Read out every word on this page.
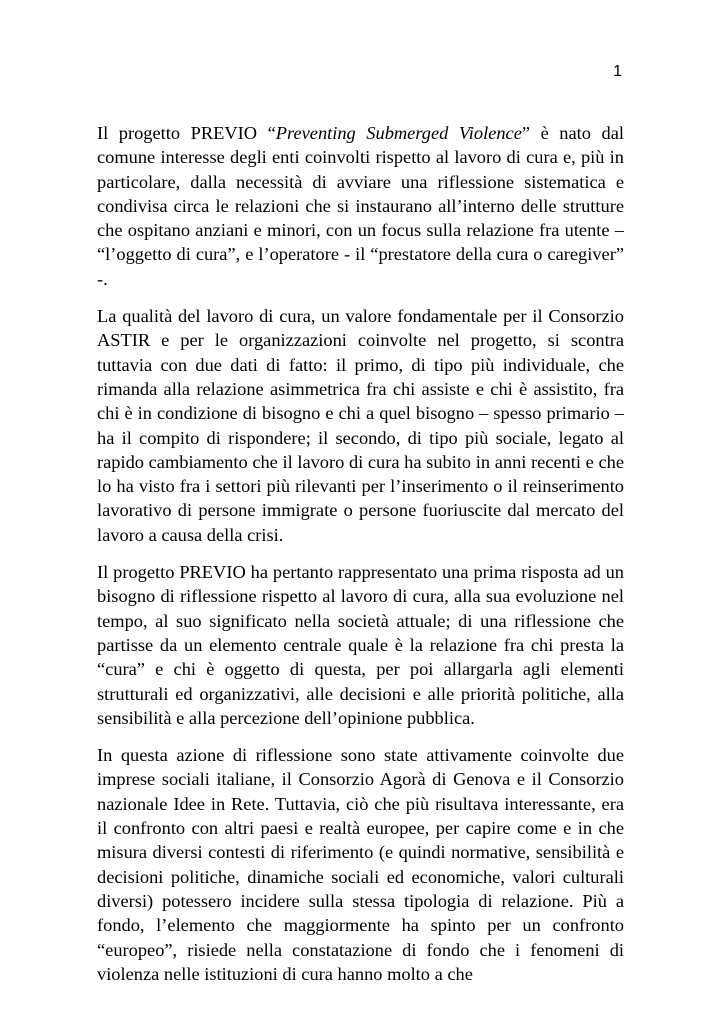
1

Il progetto PREVIO “Preventing Submerged Violence” è nato dal comune interesse degli enti coinvolti rispetto al lavoro di cura e, più in particolare, dalla necessità di avviare una riflessione sistematica e condivisa circa le relazioni che si instaurano all’interno delle strutture che ospitano anziani e minori, con un focus sulla relazione fra utente – “l’oggetto di cura”, e l’operatore - il “prestatore della cura o caregiver” -.

La qualità del lavoro di cura, un valore fondamentale per il Consorzio ASTIR e per le organizzazioni coinvolte nel progetto, si scontra tuttavia con due dati di fatto: il primo, di tipo più individuale, che rimanda alla relazione asimmetrica fra chi assiste e chi è assistito, fra chi è in condizione di bisogno e chi a quel bisogno – spesso primario – ha il compito di rispondere; il secondo, di tipo più sociale, legato al rapido cambiamento che il lavoro di cura ha subito in anni recenti e che lo ha visto fra i settori più rilevanti per l’inserimento o il reinserimento lavorativo di persone immigrate o persone fuoriuscite dal mercato del lavoro a causa della crisi.

Il progetto PREVIO ha pertanto rappresentato una prima risposta ad un bisogno di riflessione rispetto al lavoro di cura, alla sua evoluzione nel tempo, al suo significato nella società attuale; di una riflessione che partisse da un elemento centrale quale è la relazione fra chi presta la “cura” e chi è oggetto di questa, per poi allargarla agli elementi strutturali ed organizzativi, alle decisioni e alle priorità politiche, alla sensibilità e alla percezione dell’opinione pubblica.

In questa azione di riflessione sono state attivamente coinvolte due imprese sociali italiane, il Consorzio Agorà di Genova e il Consorzio nazionale Idee in Rete. Tuttavia, ciò che più risultava interessante, era il confronto con altri paesi e realtà europee, per capire come e in che misura diversi contesti di riferimento (e quindi normative, sensibilità e decisioni politiche, dinamiche sociali ed economiche, valori culturali diversi) potessero incidere sulla stessa tipologia di relazione. Più a fondo, l’elemento che maggiormente ha spinto per un confronto “europeo”, risiede nella constatazione di fondo che i fenomeni di violenza nelle istituzioni di cura hanno molto a che
